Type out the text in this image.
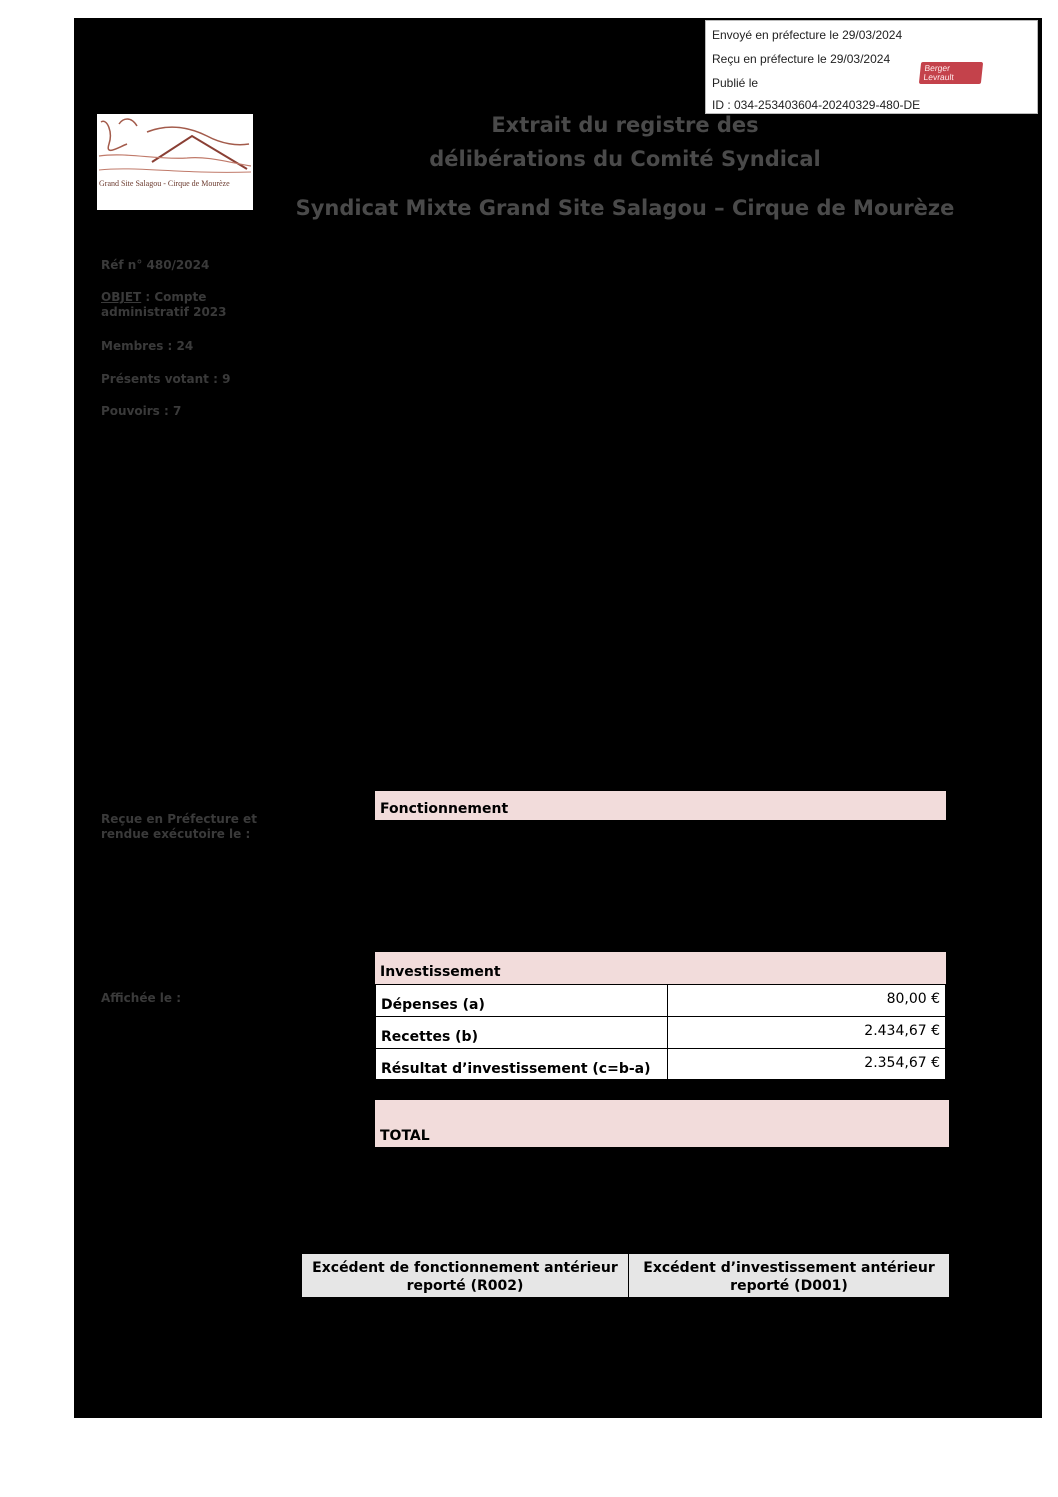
Envoyé en préfecture le 29/03/2024
Reçu en préfecture le 29/03/2024
Publié le
ID : 034-253403604-20240329-480-DE
Berger Levrault
Grand Site Salagou - Cirque de Mourèze
Extrait du registre des
délibérations du Comité Syndical
Syndicat Mixte Grand Site Salagou – Cirque de Mourèze
Réf n° 480/2024
OBJET : Compte administratif 2023
Membres : 24
Présents votant : 9
Pouvoirs : 7
Reçue en Préfecture et rendue exécutoire le :
Affichée le :
Fonctionnement
Investissement
Dépenses (a)	80,00 €
Recettes (b)	2.434,67 €
Résultat d’investissement (c=b-a)	2.354,67 €
TOTAL
Excédent de fonctionnement antérieur reporté (R002)
Excédent d’investissement antérieur reporté (D001)
